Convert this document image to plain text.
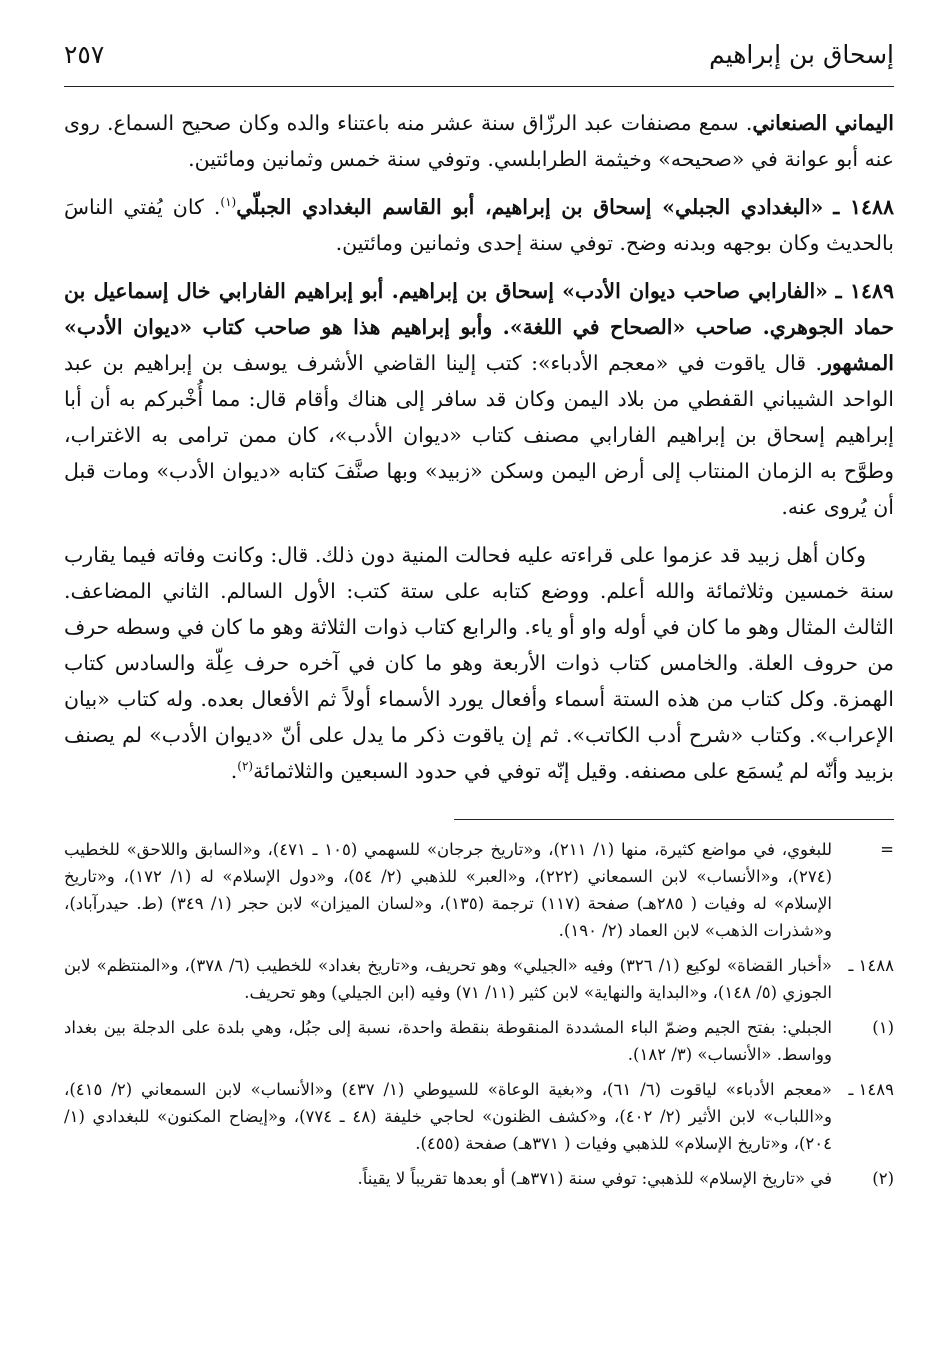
إسحاق بن إبراهيم
٢٥٧

اليماني الصنعاني. سمع مصنفات عبد الرزّاق سنة عشر منه باعتناء والده وكان صحيح السماع. روى عنه أبو عوانة في «صحيحه» وخيثمة الطرابلسي. وتوفي سنة خمس وثمانين ومائتين.

١٤٨٨ ـ «البغدادي الجبلي» إسحاق بن إبراهيم، أبو القاسم البغدادي الجبلّي$^{(١)}$. كان يُفتي الناسَ بالحديث وكان بوجهه وبدنه وضح. توفي سنة إحدى وثمانين ومائتين.

١٤٨٩ ـ «الفارابي صاحب ديوان الأدب» إسحاق بن إبراهيم. أبو إبراهيم الفارابي خال إسماعيل بن حماد الجوهري. صاحب «الصحاح في اللغة». وأبو إبراهيم هذا هو صاحب كتاب «ديوان الأدب» المشهور. قال ياقوت في «معجم الأدباء»: كتب إلينا القاضي الأشرف يوسف بن إبراهيم بن عبد الواحد الشيباني القفطي من بلاد اليمن وكان قد سافر إلى هناك وأقام قال: مما أُخْبركم به أن أبا إبراهيم إسحاق بن إبراهيم الفارابي مصنف كتاب «ديوان الأدب»، كان ممن ترامى به الاغتراب، وطوَّح به الزمان المنتاب إلى أرض اليمن وسكن «زبيد» وبها صنَّفَ كتابه «ديوان الأدب» ومات قبل أن يُروى عنه.

وكان أهل زبيد قد عزموا على قراءته عليه فحالت المنية دون ذلك. قال: وكانت وفاته فيما يقارب سنة خمسين وثلاثمائة والله أعلم. ووضع كتابه على ستة كتب: الأول السالم. الثاني المضاعف. الثالث المثال وهو ما كان في أوله واو أو ياء. والرابع كتاب ذوات الثلاثة وهو ما كان في وسطه حرف من حروف العلة. والخامس كتاب ذوات الأربعة وهو ما كان في آخره حرف عِلّة والسادس كتاب الهمزة. وكل كتاب من هذه الستة أسماء وأفعال يورد الأسماء أولاً ثم الأفعال بعده. وله كتاب «بيان الإعراب». وكتاب «شرح أدب الكاتب». ثم إن ياقوت ذكر ما يدل على أنّ «ديوان الأدب» لم يصنف بزبيد وأنّه لم يُسمَع على مصنفه. وقيل إنّه توفي في حدود السبعين والثلاثمائة$^{(٢)}$.

=
للبغوي، في مواضع كثيرة، منها (١/ ٢١١)، و«تاريخ جرجان» للسهمي (١٠٥ ـ ٤٧١)، و«السابق واللاحق» للخطيب (٢٧٤)، و«الأنساب» لابن السمعاني (٢٢٢)، و«العبر» للذهبي (٢/ ٥٤)، و«دول الإسلام» له (١/ ١٧٢)، و«تاريخ الإسلام» له وفيات ( ٢٨٥هـ) صفحة (١١٧) ترجمة (١٣٥)، و«لسان الميزان» لابن حجر (١/ ٣٤٩) (ط. حيدرآباد)، و«شذرات الذهب» لابن العماد (٢/ ١٩٠).
١٤٨٨ ـ
«أخبار القضاة» لوكيع (١/ ٣٢٦) وفيه «الجيلي» وهو تحريف، و«تاريخ بغداد» للخطيب (٦/ ٣٧٨)، و«المنتظم» لابن الجوزي (٥/ ١٤٨)، و«البداية والنهاية» لابن كثير (١١/ ٧١) وفيه (ابن الجيلي) وهو تحريف.
(١)
الجبلي: بفتح الجيم وضمّ الباء المشددة المنقوطة بنقطة واحدة، نسبة إلى جبُل، وهي بلدة على الدجلة بين بغداد وواسط. «الأنساب» (٣/ ١٨٢).
١٤٨٩ ـ
«معجم الأدباء» لياقوت (٦/ ٦١)، و«بغية الوعاة» للسيوطي (١/ ٤٣٧) و«الأنساب» لابن السمعاني (٢/ ٤١٥)، و«اللباب» لابن الأثير (٢/ ٤٠٢)، و«كشف الظنون» لحاجي خليفة (٤٨ ـ ٧٧٤)، و«إيضاح المكنون» للبغدادي (١/ ٢٠٤)، و«تاريخ الإسلام» للذهبي وفيات ( ٣٧١هـ) صفحة (٤٥٥).
(٢)
في «تاريخ الإسلام» للذهبي: توفي سنة (٣٧١هـ) أو بعدها تقريباً لا يقيناً.
